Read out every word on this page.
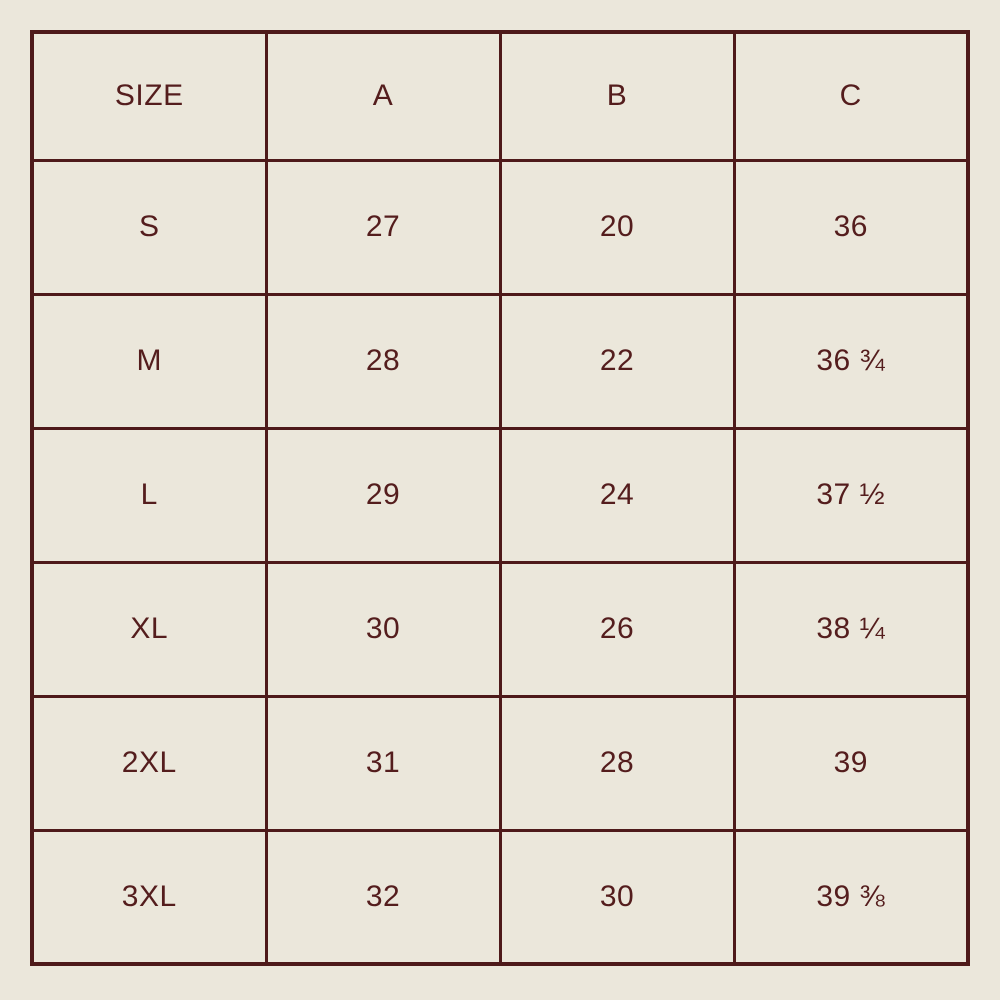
SIZE	A	B	C
S	27	20	36
M	28	22	36 ¾
L	29	24	37 ½
XL	30	26	38 ¼
2XL	31	28	39
3XL	32	30	39 ⅜
